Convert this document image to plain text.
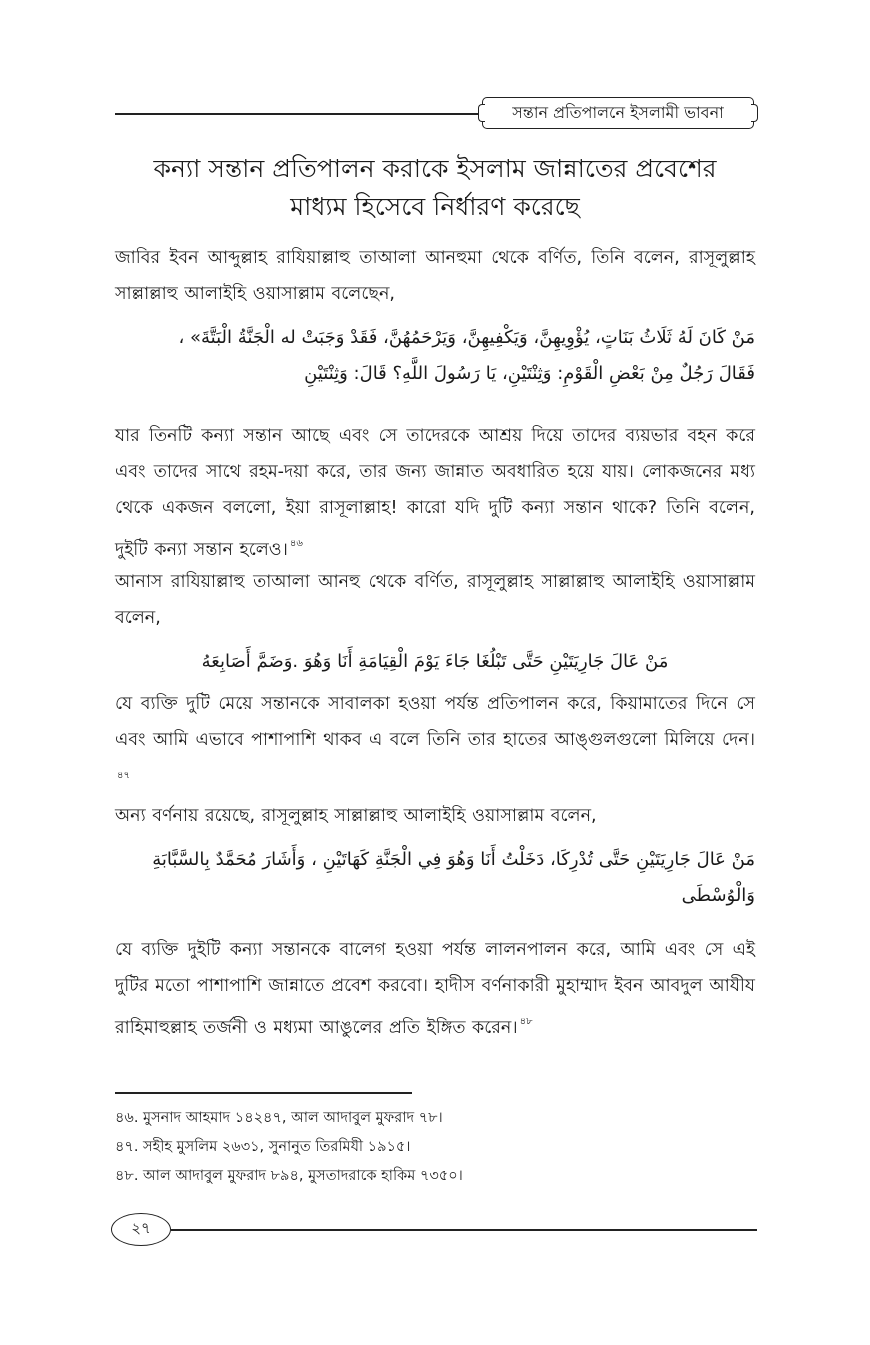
সন্তান প্রতিপালনে ইসলামী ভাবনা
কন্যা সন্তান প্রতিপালন করাকে ইসলাম জান্নাতের প্রবেশের
মাধ্যম হিসেবে নির্ধারণ করেছে
জাবির ইবন আব্দুল্লাহ রাযিয়াল্লাহু তাআলা আনহুমা থেকে বর্ণিত, তিনি বলেন, রাসূলুল্লাহ সাল্লাল্লাহু আলাইহি ওয়াসাল্লাম বলেছেন,
مَنْ كَانَ لَهُ ثَلَاثُ بَنَاتٍ، يُؤْوِيهِنَّ، وَيَكْفِيهِنَّ، وَيَرْحَمُهُنَّ، فَقَدْ وَجَبَتْ له الْجَنَّةُ الْبَتَّةَ» ،
فَقَالَ رَجُلٌ مِنْ بَعْضِ الْقَوْمِ: وَثِنْتَيْنِ، يَا رَسُولَ اللَّهِ؟ قَالَ: وَثِنْتَيْنِ
যার তিনটি কন্যা সন্তান আছে এবং সে তাদেরকে আশ্রয় দিয়ে তাদের ব্যয়ভার বহন করে এবং তাদের সাথে রহম-দয়া করে, তার জন্য জান্নাত অবধারিত হয়ে যায়। লোকজনের মধ্য থেকে একজন বললো, ইয়া রাসূলাল্লাহ! কারো যদি দুটি কন্যা সন্তান থাকে? তিনি বলেন, দুইটি কন্যা সন্তান হলেও। $^{৪৬}$
আনাস রাযিয়াল্লাহু তাআলা আনহু থেকে বর্ণিত, রাসূলুল্লাহ সাল্লাল্লাহু আলাইহি ওয়াসাল্লাম বলেন,
مَنْ عَالَ جَارِيَتَيْنِ حَتَّى تَبْلُغَا جَاءَ يَوْمَ الْقِيَامَةِ أَنَا وَهُوَ .وَضَمَّ أَصَابِعَهُ
যে ব্যক্তি দুটি মেয়ে সন্তানকে সাবালকা হওয়া পর্যন্ত প্রতিপালন করে, কিয়ামাতের দিনে সে এবং আমি এভাবে পাশাপাশি থাকব এ বলে তিনি তার হাতের আঙ্গুলগুলো মিলিয়ে দেন।$^{৪৭}$
অন্য বর্ণনায় রয়েছে, রাসূলুল্লাহ সাল্লাল্লাহু আলাইহি ওয়াসাল্লাম বলেন,
مَنْ عَالَ جَارِيَتَيْنِ حَتَّى تُدْرِكَا، دَخَلْتُ أَنَا وَهُوَ فِي الْجَنَّةِ كَهَاتَيْنِ ، وَأَشَارَ مُحَمَّدٌ بِالسَّبَّابَةِ
وَالْوُسْطَى
যে ব্যক্তি দুইটি কন্যা সন্তানকে বালেগ হওয়া পর্যন্ত লালনপালন করে, আমি এবং সে এই দুটির মতো পাশাপাশি জান্নাতে প্রবেশ করবো। হাদীস বর্ণনাকারী মুহাম্মাদ ইবন আবদুল আযীয রাহিমাহুল্লাহ তর্জনী ও মধ্যমা আঙুলের প্রতি ইঙ্গিত করেন। $^{৪৮}$
৪৬. মুসনাদ আহমাদ ১৪২৪৭, আল আদাবুল মুফরাদ ৭৮।
৪৭. সহীহ মুসলিম ২৬৩১, সুনানুত তিরমিযী ১৯১৫।
৪৮. আল আদাবুল মুফরাদ ৮৯৪, মুসতাদরাকে হাকিম ৭৩৫০।
২৭
